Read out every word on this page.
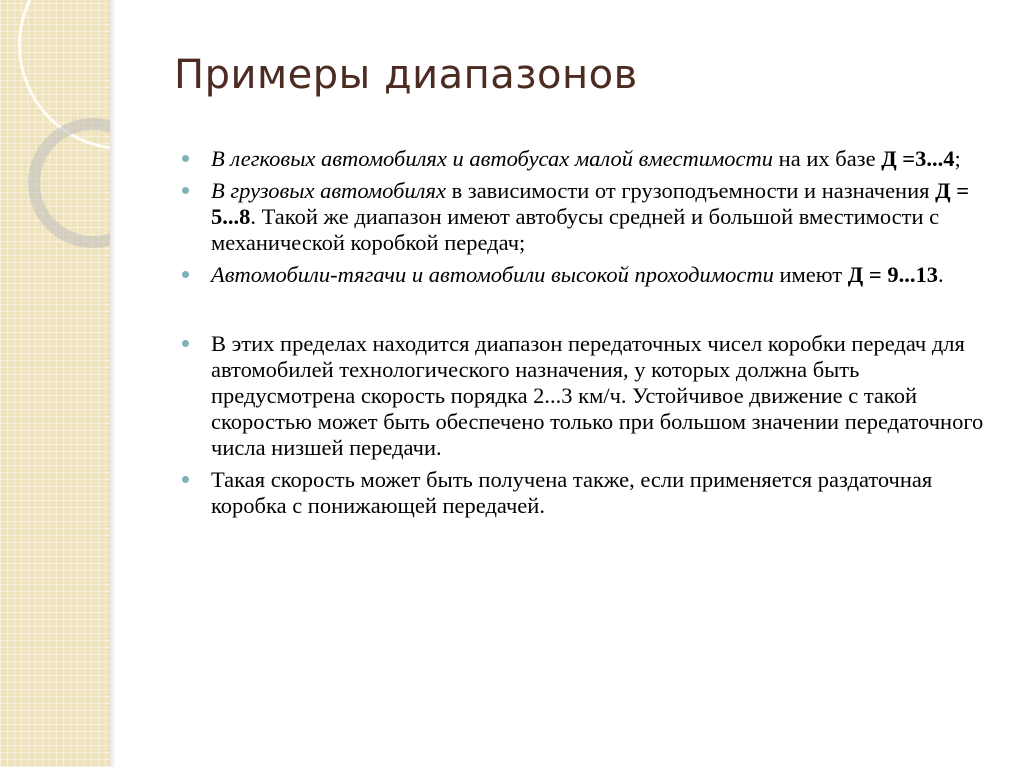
Примеры диапазонов
В легковых автомобилях и автобусах малой вместимости на их базе Д =3...4;
В грузовых автомобилях в зависимости от грузоподъемности и назначения Д = 5...8. Такой же диапазон имеют автобусы средней и большой вместимости с механической коробкой передач;
Автомобили-тягачи и автомобили высокой проходимости имеют Д = 9...13.
В этих пределах находится диапазон передаточных чисел коробки передач для автомобилей технологического назначения, у которых должна быть предусмотрена скорость порядка 2...3 км/ч. Устойчивое движение с такой скоростью может быть обеспечено только при большом значении передаточного числа низшей передачи.
Такая скорость может быть получена также, если применяется раздаточная коробка с понижающей передачей.
